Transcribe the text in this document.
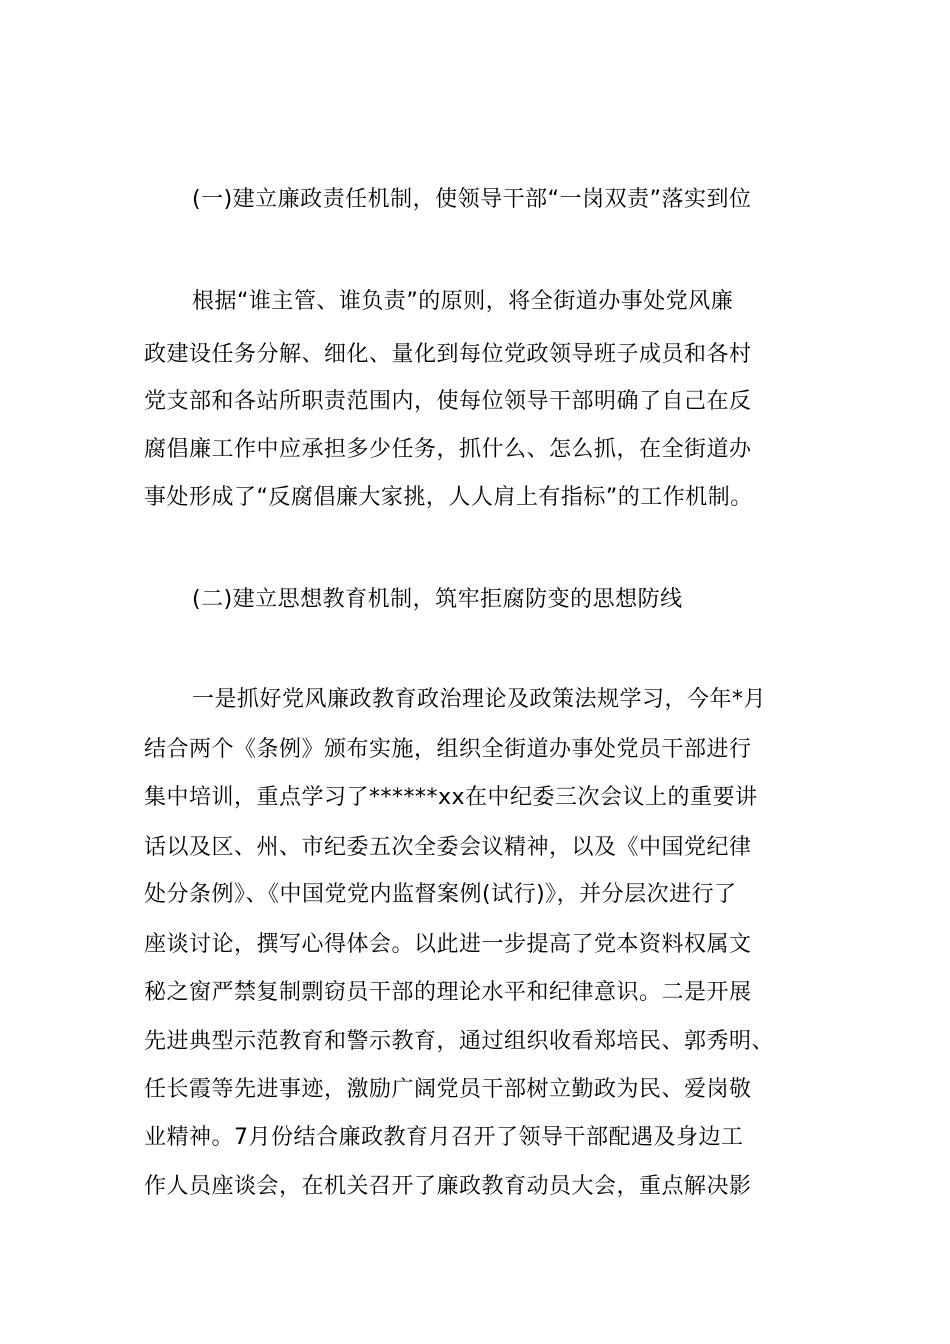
(一)建立廉政责任机制，使领导干部“一岗双责”落实到位
根据“谁主管、谁负责”的原则，将全街道办事处党风廉
政建设任务分解、细化、量化到每位党政领导班子成员和各村
党支部和各站所职责范围内，使每位领导干部明确了自己在反
腐倡廉工作中应承担多少任务，抓什么、怎么抓，在全街道办
事处形成了“反腐倡廉大家挑，人人肩上有指标”的工作机制。
(二)建立思想教育机制，筑牢拒腐防变的思想防线
一是抓好党风廉政教育政治理论及政策法规学习，今年*月
结合两个《条例》颁布实施，组织全街道办事处党员干部进行
集中培训，重点学习了******xx在中纪委三次会议上的重要讲
话以及区、州、市纪委五次全委会议精神，以及《中国党纪律
处分条例》、《中国党党内监督案例(试行)》，并分层次进行了
座谈讨论，撰写心得体会。以此进一步提高了党本资料权属文
秘之窗严禁复制剽窃员干部的理论水平和纪律意识。二是开展
先进典型示范教育和警示教育，通过组织收看郑培民、郭秀明、
任长霞等先进事迹，激励广阔党员干部树立勤政为民、爱岗敬
业精神。7月份结合廉政教育月召开了领导干部配遇及身边工
作人员座谈会，在机关召开了廉政教育动员大会，重点解决影
